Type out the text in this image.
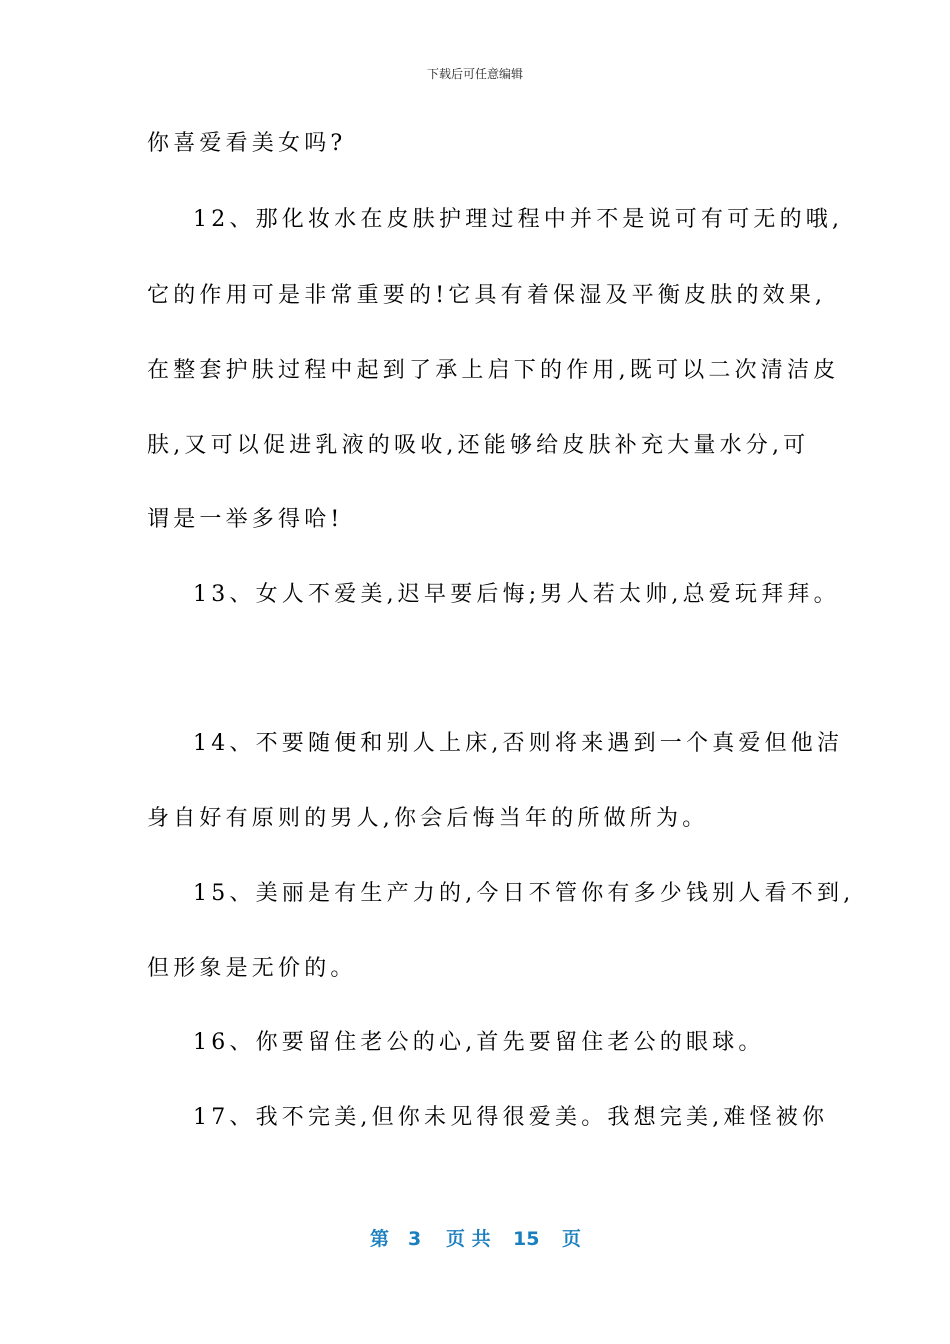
下载后可任意编辑
你喜爱看美女吗?
12、那化妆水在皮肤护理过程中并不是说可有可无的哦,
它的作用可是非常重要的!它具有着保湿及平衡皮肤的效果,
在整套护肤过程中起到了承上启下的作用,既可以二次清洁皮
肤,又可以促进乳液的吸收,还能够给皮肤补充大量水分,可
谓是一举多得哈!
13、女人不爱美,迟早要后悔;男人若太帅,总爱玩拜拜。
14、不要随便和别人上床,否则将来遇到一个真爱但他洁
身自好有原则的男人,你会后悔当年的所做所为。
15、美丽是有生产力的,今日不管你有多少钱别人看不到,
但形象是无价的。
16、你要留住老公的心,首先要留住老公的眼球。
17、我不完美,但你未见得很爱美。我想完美,难怪被你
第 3 页 共 15 页
